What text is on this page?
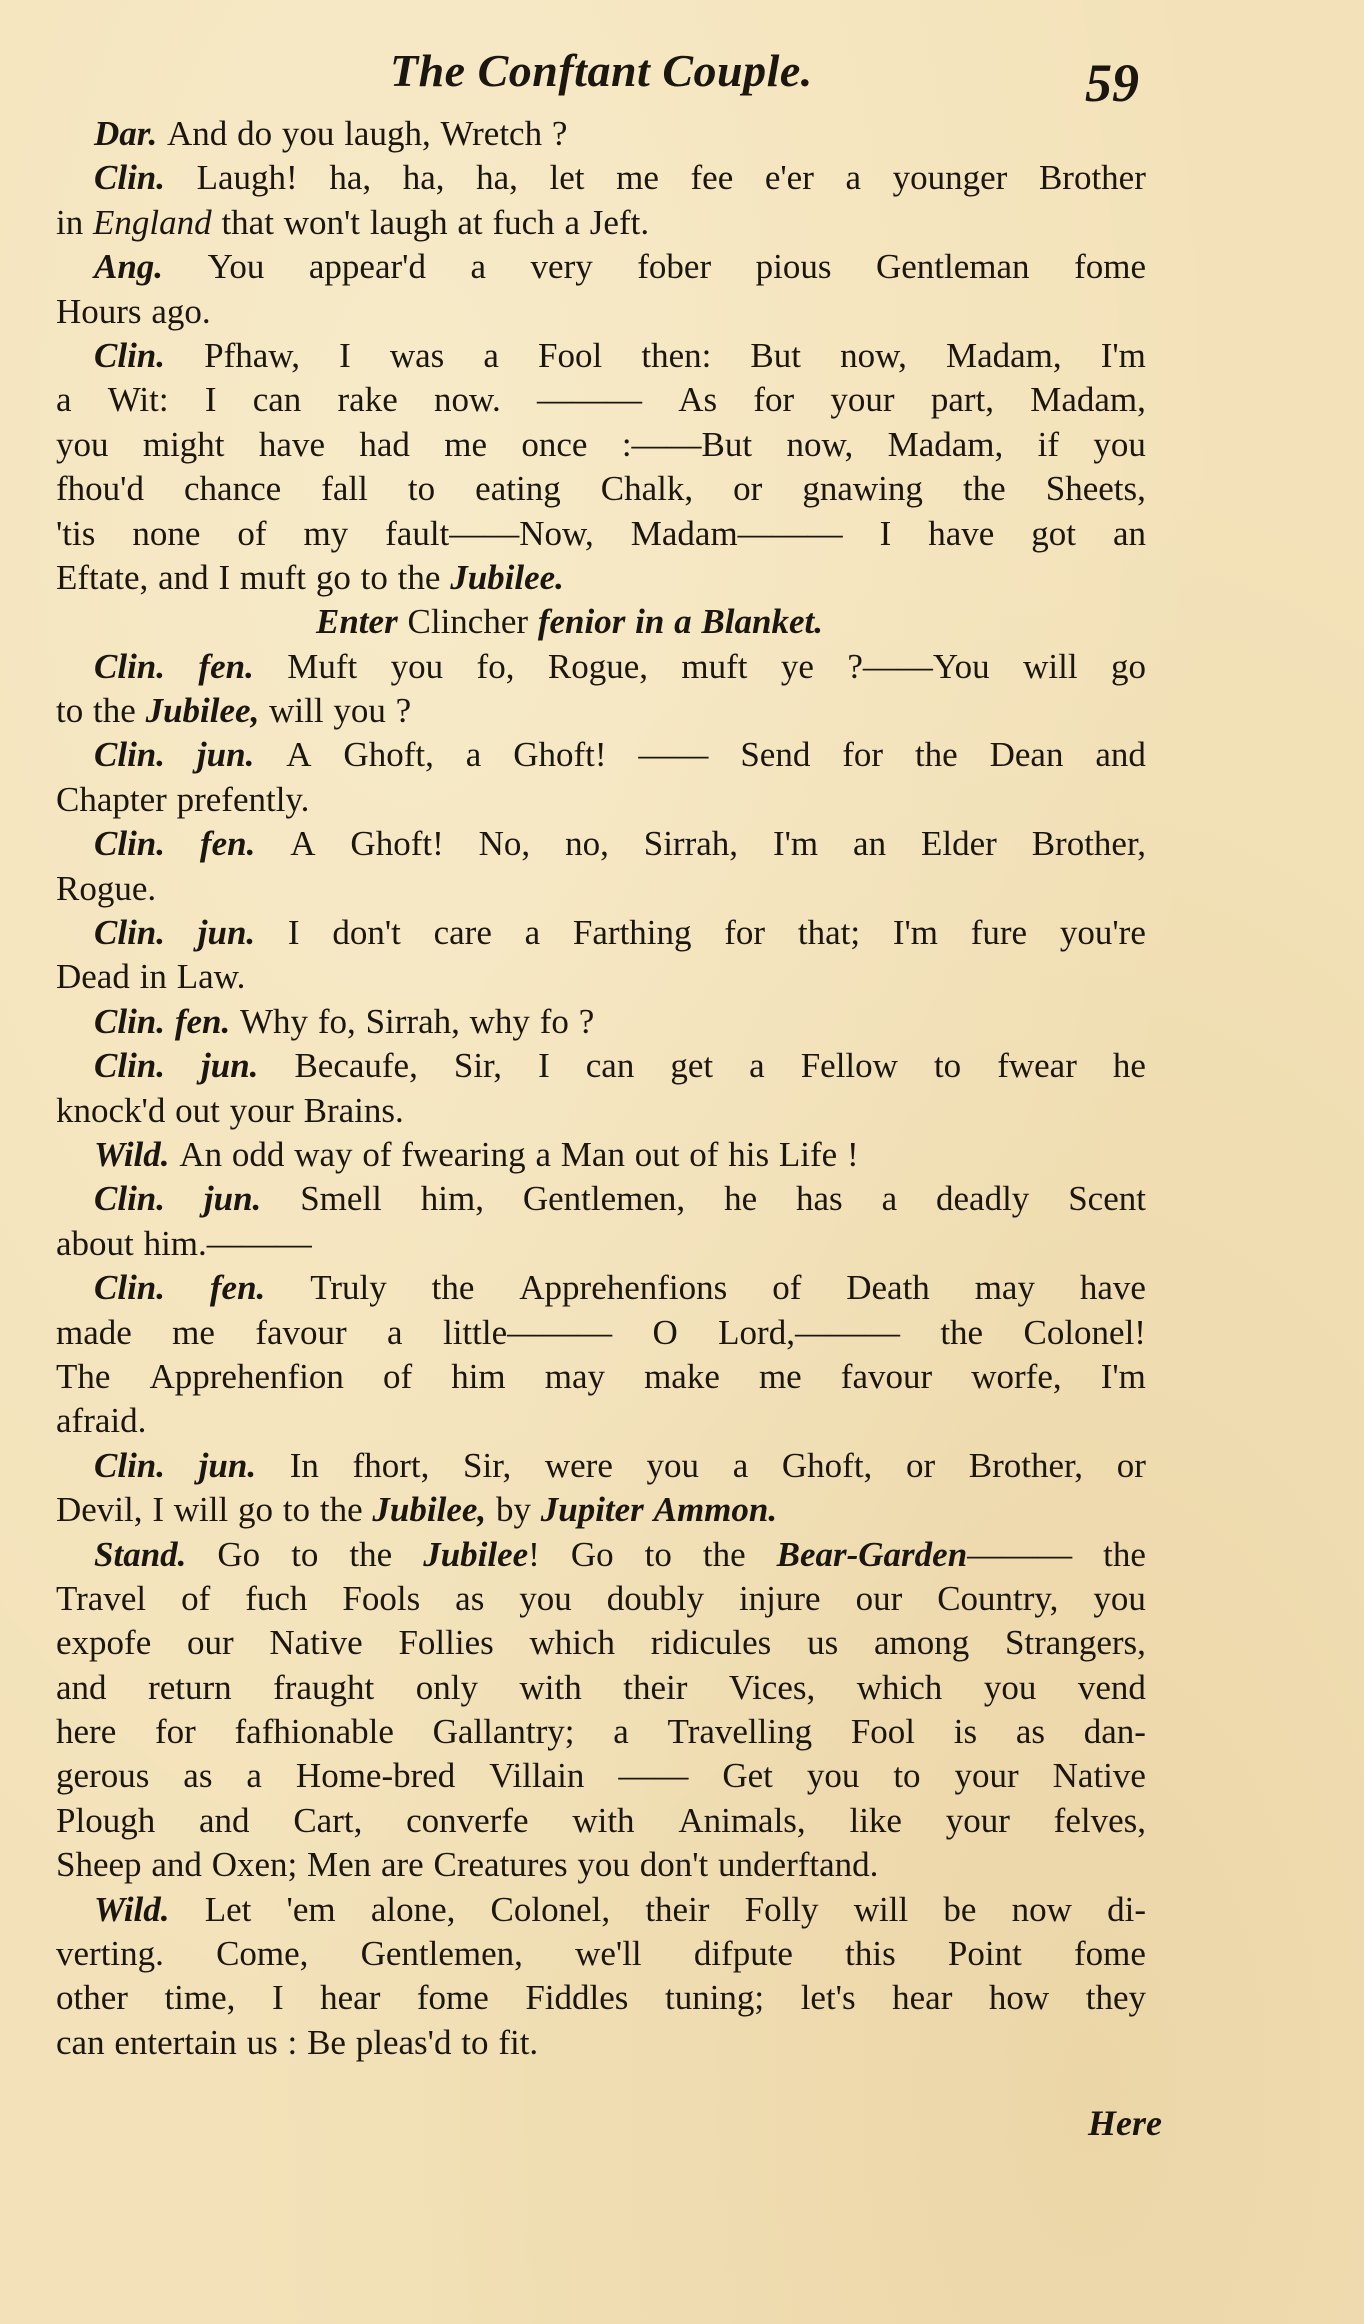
The Conftant Couple.	59
Dar. And do you laugh, Wretch ?
Clin. Laugh! ha, ha, ha, let me fee e'er a younger Brother
in England that won't laugh at fuch a Jeft.
Ang. You appear'd a very fober pious Gentleman fome
Hours ago.
Clin. Pfhaw, I was a Fool then: But now, Madam, I'm
a Wit: I can rake now. ——— As for your part, Madam,
you might have had me once :——But now, Madam, if you
fhou'd chance fall to eating Chalk, or gnawing the Sheets,
'tis none of my fault——Now, Madam——— I have got an
Eftate, and I muft go to the Jubilee.
Enter Clincher fenior in a Blanket.
Clin. fen. Muft you fo, Rogue, muft ye ?——You will go
to the Jubilee, will you ?
Clin. jun. A Ghoft, a Ghoft! —— Send for the Dean and
Chapter prefently.
Clin. fen. A Ghoft! No, no, Sirrah, I'm an Elder Brother,
Rogue.
Clin. jun. I don't care a Farthing for that; I'm fure you're
Dead in Law.
Clin. fen. Why fo, Sirrah, why fo ?
Clin. jun. Becaufe, Sir, I can get a Fellow to fwear he
knock'd out your Brains.
Wild. An odd way of fwearing a Man out of his Life !
Clin. jun. Smell him, Gentlemen, he has a deadly Scent
about him.———
Clin. fen. Truly the Apprehenfions of Death may have
made me favour a little——— O Lord,——— the Colonel!
The Apprehenfion of him may make me favour worfe, I'm
afraid.
Clin. jun. In fhort, Sir, were you a Ghoft, or Brother, or
Devil, I will go to the Jubilee, by Jupiter Ammon.
Stand. Go to the Jubilee! Go to the Bear-Garden——— the
Travel of fuch Fools as you doubly injure our Country, you
expofe our Native Follies which ridicules us among Strangers,
and return fraught only with their Vices, which you vend
here for fafhionable Gallantry; a Travelling Fool is as dan-
gerous as a Home-bred Villain —— Get you to your Native
Plough and Cart, converfe with Animals, like your felves,
Sheep and Oxen; Men are Creatures you don't underftand.
Wild. Let 'em alone, Colonel, their Folly will be now di-
verting. Come, Gentlemen, we'll difpute this Point fome
other time, I hear fome Fiddles tuning; let's hear how they
can entertain us : Be pleas'd to fit.
Here
